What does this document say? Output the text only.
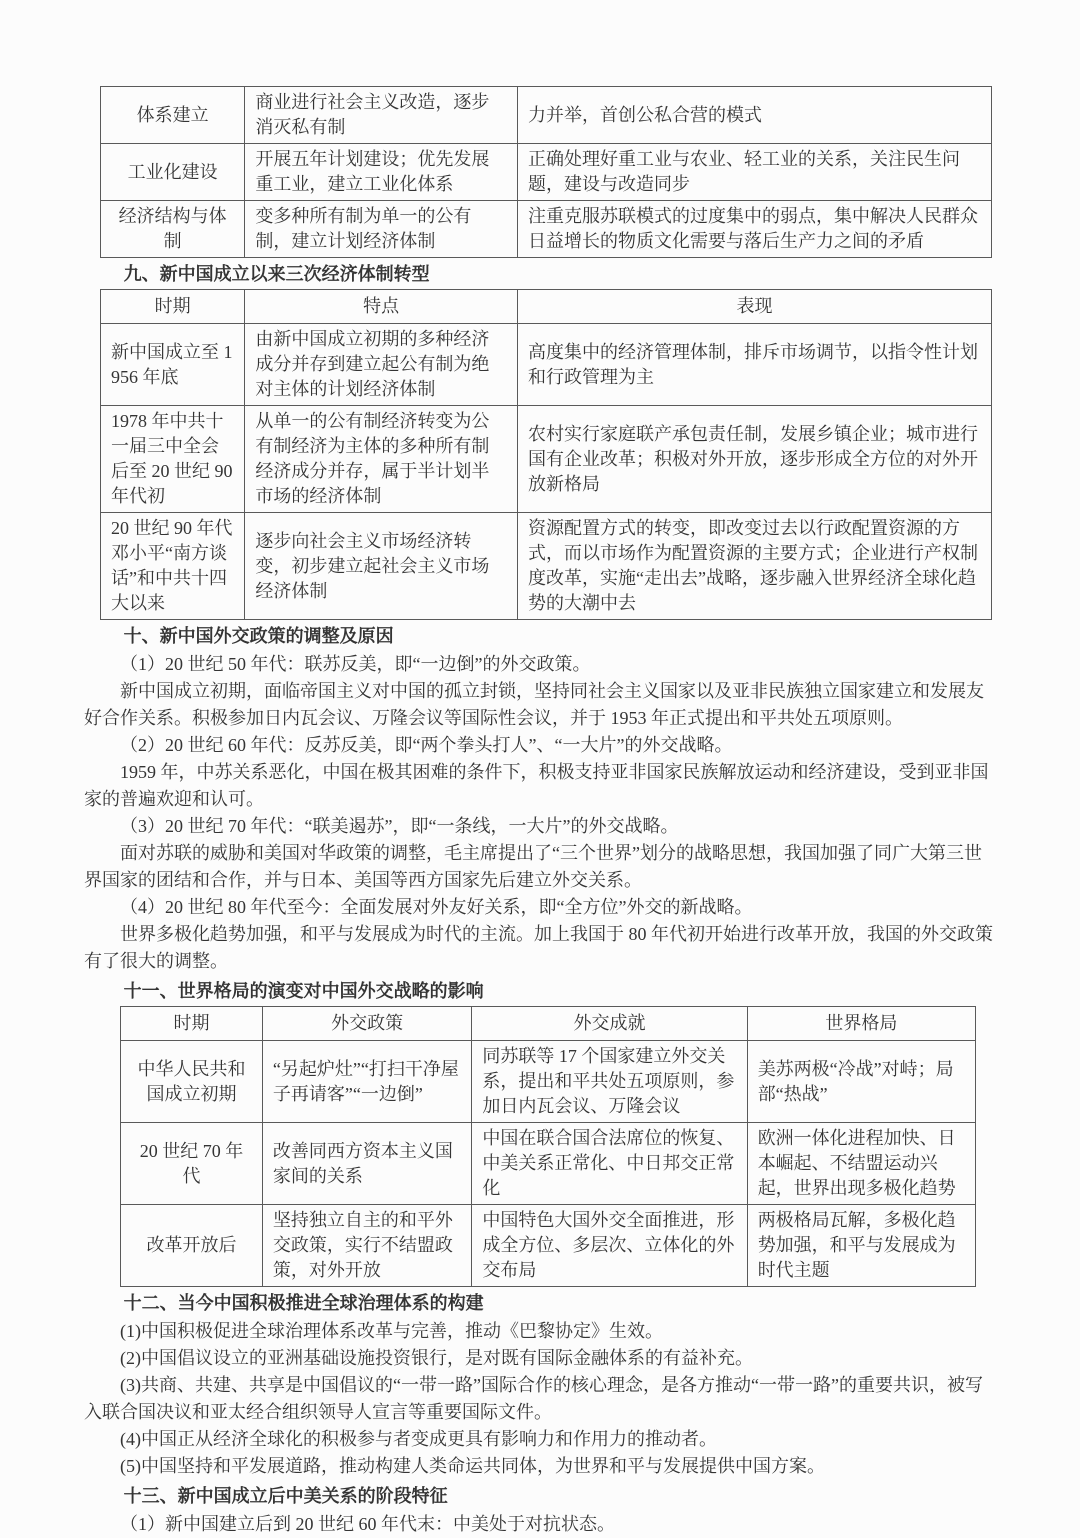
体系建立	商业进行社会主义改造，逐步消灭私有制	力并举，首创公私合营的模式
工业化建设	开展五年计划建设；优先发展重工业，建立工业化体系	正确处理好重工业与农业、轻工业的关系，关注民生问题，建设与改造同步
经济结构与体制	变多种所有制为单一的公有制，建立计划经济体制	注重克服苏联模式的过度集中的弱点，集中解决人民群众日益增长的物质文化需要与落后生产力之间的矛盾
九、新中国成立以来三次经济体制转型
时期	特点	表现
新中国成立至 1956 年底	由新中国成立初期的多种经济成分并存到建立起公有制为绝对主体的计划经济体制	高度集中的经济管理体制，排斥市场调节，以指令性计划和行政管理为主
1978 年中共十一届三中全会后至 20 世纪 90 年代初	从单一的公有制经济转变为公有制经济为主体的多种所有制经济成分并存，属于半计划半市场的经济体制	农村实行家庭联产承包责任制，发展乡镇企业；城市进行国有企业改革；积极对外开放，逐步形成全方位的对外开放新格局
20 世纪 90 年代邓小平“南方谈话”和中共十四大以来	逐步向社会主义市场经济转变，初步建立起社会主义市场经济体制	资源配置方式的转变，即改变过去以行政配置资源的方式，而以市场作为配置资源的主要方式；企业进行产权制度改革，实施“走出去”战略，逐步融入世界经济全球化趋势的大潮中去
十、新中国外交政策的调整及原因

（1）20 世纪 50 年代：联苏反美，即“一边倒”的外交政策。

新中国成立初期，面临帝国主义对中国的孤立封锁，坚持同社会主义国家以及亚非民族独立国家建立和发展友好合作关系。积极参加日内瓦会议、万隆会议等国际性会议，并于 1953 年正式提出和平共处五项原则。

（2）20 世纪 60 年代：反苏反美，即“两个拳头打人”、“一大片”的外交战略。

1959 年，中苏关系恶化，中国在极其困难的条件下，积极支持亚非国家民族解放运动和经济建设，受到亚非国家的普遍欢迎和认可。

（3）20 世纪 70 年代：“联美遏苏”，即“一条线，一大片”的外交战略。

面对苏联的威胁和美国对华政策的调整，毛主席提出了“三个世界”划分的战略思想，我国加强了同广大第三世界国家的团结和合作，并与日本、美国等西方国家先后建立外交关系。

（4）20 世纪 80 年代至今：全面发展对外友好关系，即“全方位”外交的新战略。

世界多极化趋势加强，和平与发展成为时代的主流。加上我国于 80 年代初开始进行改革开放，我国的外交政策有了很大的调整。

十一、世界格局的演变对中国外交战略的影响
时期	外交政策	外交成就	世界格局
中华人民共和国成立初期	“另起炉灶”“打扫干净屋子再请客”“一边倒”	同苏联等 17 个国家建立外交关系，提出和平共处五项原则，参加日内瓦会议、万隆会议	美苏两极“冷战”对峙；局部“热战”
20 世纪 70 年代	改善同西方资本主义国家间的关系	中国在联合国合法席位的恢复、中美关系正常化、中日邦交正常化	欧洲一体化进程加快、日本崛起、不结盟运动兴起，世界出现多极化趋势
改革开放后	坚持独立自主的和平外交政策，实行不结盟政策，对外开放	中国特色大国外交全面推进，形成全方位、多层次、立体化的外交布局	两极格局瓦解，多极化趋势加强，和平与发展成为时代主题
十二、当今中国积极推进全球治理体系的构建

(1)中国积极促进全球治理体系改革与完善，推动《巴黎协定》生效。

(2)中国倡议设立的亚洲基础设施投资银行，是对既有国际金融体系的有益补充。

(3)共商、共建、共享是中国倡议的“一带一路”国际合作的核心理念，是各方推动“一带一路”的重要共识，被写入联合国决议和亚太经合组织领导人宣言等重要国际文件。

(4)中国正从经济全球化的积极参与者变成更具有影响力和作用力的推动者。

(5)中国坚持和平发展道路，推动构建人类命运共同体，为世界和平与发展提供中国方案。

十三、新中国成立后中美关系的阶段特征

（1）新中国建立后到 20 世纪 60 年代末：中美处于对抗状态。
